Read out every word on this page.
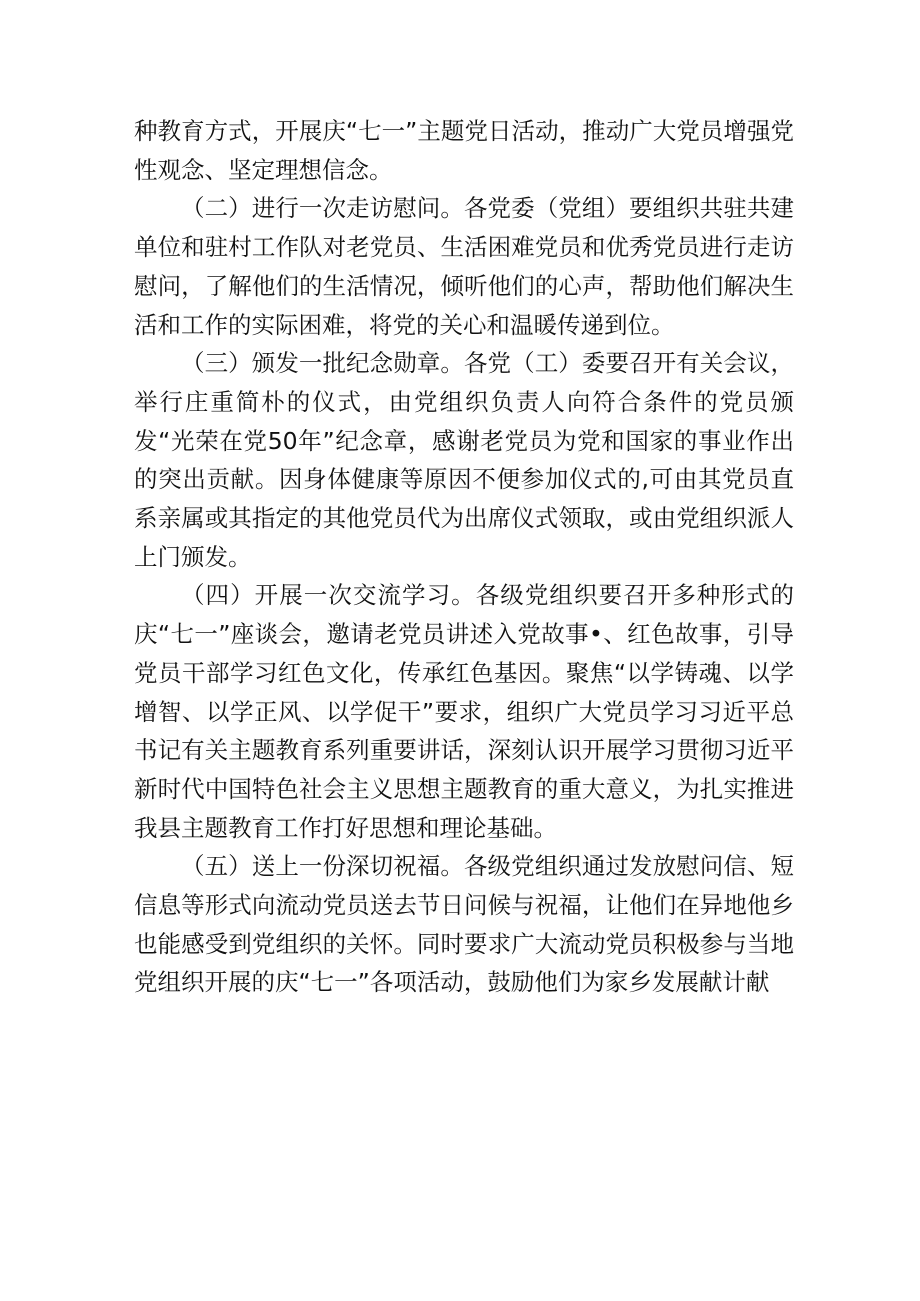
种教育方式，开展庆“七一”主题党日活动，推动广大党员增强党性观念、坚定理想信念。

（二）进行一次走访慰问。各党委（党组）要组织共驻共建单位和驻村工作队对老党员、生活困难党员和优秀党员进行走访慰问，了解他们的生活情况，倾听他们的心声，帮助他们解决生活和工作的实际困难，将党的关心和温暖传递到位。

（三）颁发一批纪念勋章。各党（工）委要召开有关会议，举行庄重简朴的仪式，由党组织负责人向符合条件的党员颁发“光荣在党50年”纪念章，感谢老党员为党和国家的事业作出的突出贡献。因身体健康等原因不便参加仪式的,可由其党员直系亲属或其指定的其他党员代为出席仪式领取，或由党组织派人上门颁发。

（四）开展一次交流学习。各级党组织要召开多种形式的庆“七一”座谈会，邀请老党员讲述入党故事•、红色故事，引导党员干部学习红色文化，传承红色基因。聚焦“以学铸魂、以学增智、以学正风、以学促干”要求，组织广大党员学习习近平总书记有关主题教育系列重要讲话，深刻认识开展学习贯彻习近平新时代中国特色社会主义思想主题教育的重大意义，为扎实推进我县主题教育工作打好思想和理论基础。

（五）送上一份深切祝福。各级党组织通过发放慰问信、短信息等形式向流动党员送去节日问候与祝福，让他们在异地他乡也能感受到党组织的关怀。同时要求广大流动党员积极参与当地党组织开展的庆“七一”各项活动，鼓励他们为家乡发展献计献
